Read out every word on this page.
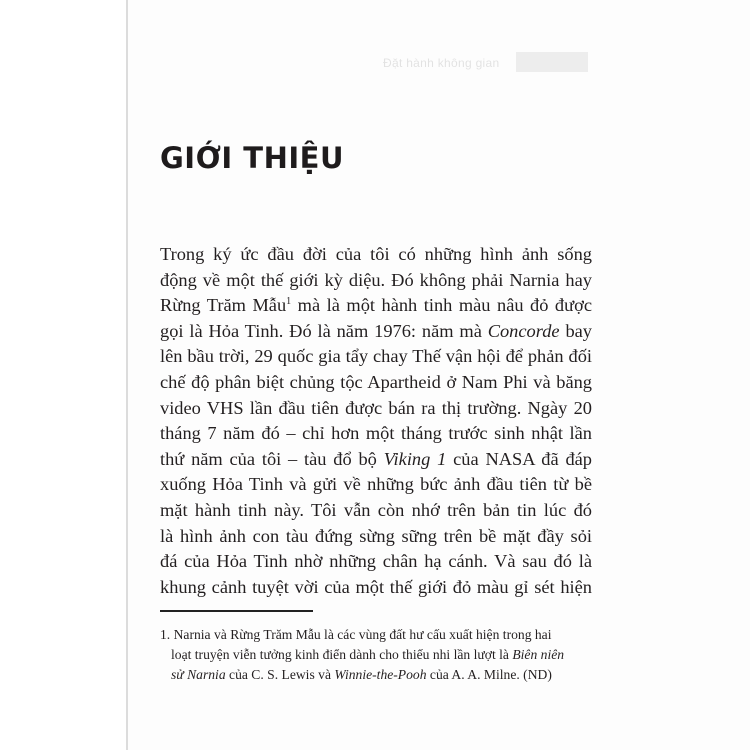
Đặt hành không gian
GIỚI THIỆU
Trong ký ức đầu đời của tôi có những hình ảnh sống
động về một thế giới kỳ diệu. Đó không phải Narnia hay
Rừng Trăm Mẫu$^1$ mà là một hành tinh màu nâu đỏ được
gọi là Hỏa Tinh. Đó là năm 1976: năm mà Concorde bay
lên bầu trời, 29 quốc gia tẩy chay Thế vận hội để phản đối
chế độ phân biệt chủng tộc Apartheid ở Nam Phi và băng
video VHS lần đầu tiên được bán ra thị trường. Ngày 20
tháng 7 năm đó – chỉ hơn một tháng trước sinh nhật lần
thứ năm của tôi – tàu đổ bộ Viking 1 của NASA đã đáp
xuống Hỏa Tinh và gửi về những bức ảnh đầu tiên từ bề
mặt hành tinh này. Tôi vẫn còn nhớ trên bản tin lúc đó
là hình ảnh con tàu đứng sừng sững trên bề mặt đầy sỏi
đá của Hỏa Tinh nhờ những chân hạ cánh. Và sau đó là
khung cảnh tuyệt vời của một thế giới đỏ màu gỉ sét hiện
1. Narnia và Rừng Trăm Mẫu là các vùng đất hư cấu xuất hiện trong hai
loạt truyện viễn tưởng kinh điển dành cho thiếu nhi lần lượt là Biên niên
sử Narnia của C. S. Lewis và Winnie-the-Pooh của A. A. Milne. (ND)
